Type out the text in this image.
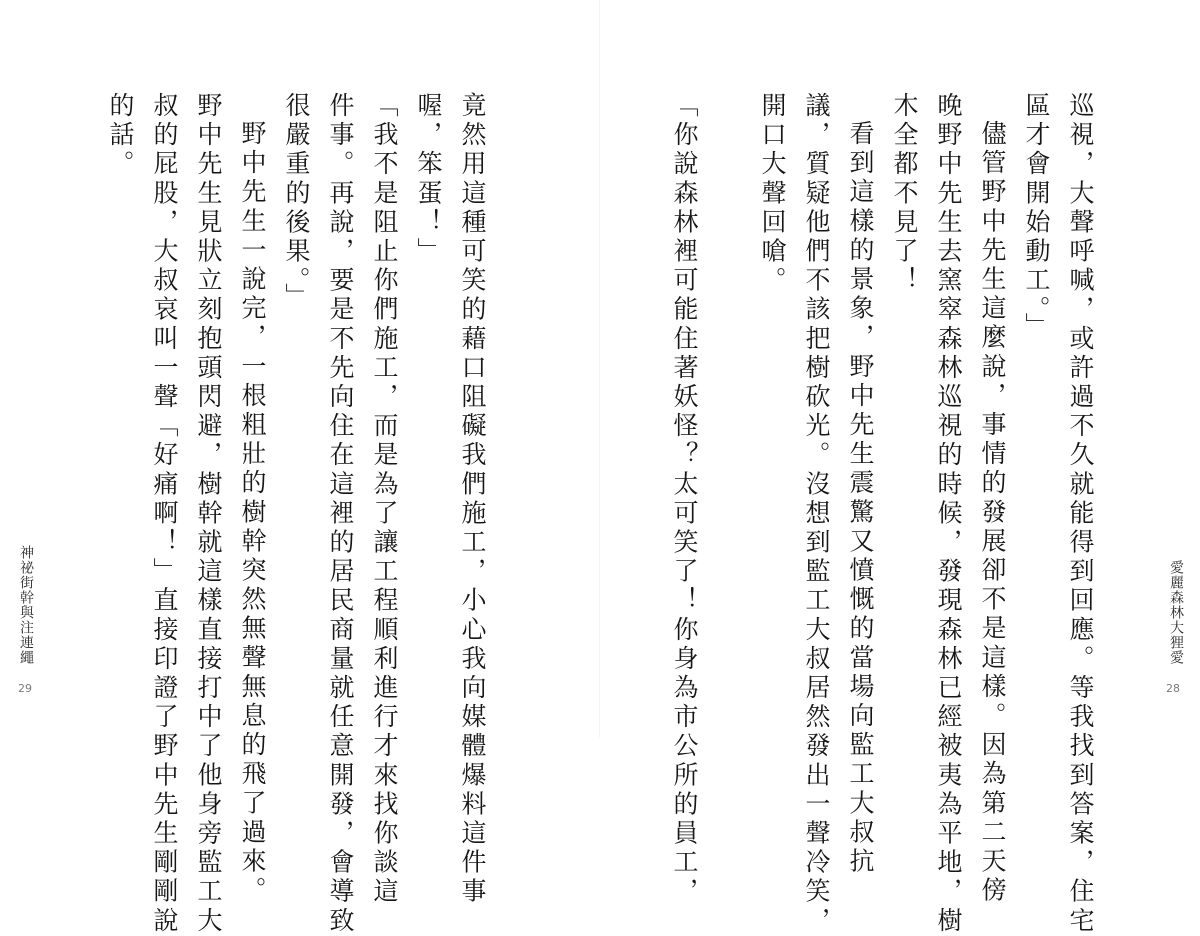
竟然用這種可笑的藉口阻礙我們施工，小心我向媒體爆料這件事
喔，笨蛋！」
「我不是阻止你們施工，而是為了讓工程順利進行才來找你談這
件事。再說，要是不先向住在這裡的居民商量就任意開發，會導致
很嚴重的後果。」
野中先生一說完，一根粗壯的樹幹突然無聲無息的飛了過來。
野中先生見狀立刻抱頭閃避，樹幹就這樣直接打中了他身旁監工大
叔的屁股，大叔哀叫一聲「好痛啊！」直接印證了野中先生剛剛說
的話。
神祕街幹與注連繩
29	巡視，大聲呼喊，或許過不久就能得到回應。等我找到答案，住宅
區才會開始動工。」
儘管野中先生這麼說，事情的發展卻不是這樣。因為第二天傍
晚野中先生去窯窣森林巡視的時候，發現森林已經被夷為平地，樹
木全都不見了！
看到這樣的景象，野中先生震驚又憤慨的當場向監工大叔抗
議，質疑他們不該把樹砍光。沒想到監工大叔居然發出一聲冷笑，
開口大聲回嗆。
「你說森林裡可能住著妖怪？太可笑了！你身為市公所的員工，	愛麗森林大狸愛
28
